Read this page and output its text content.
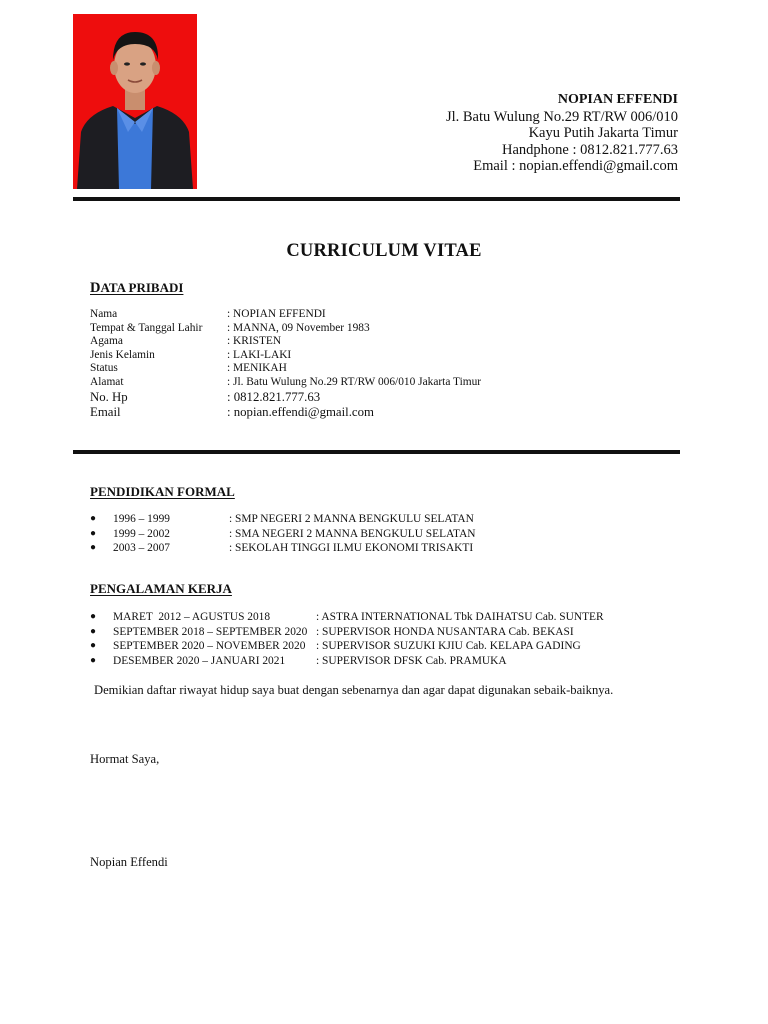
NOPIAN EFFENDI
Jl. Batu Wulung No.29 RT/RW 006/010
Kayu Putih Jakarta Timur
Handphone : 0812.821.777.63
Email : nopian.effendi@gmail.com
CURRICULUM VITAE
DATA PRIBADI
Nama	: NOPIAN EFFENDI
Tempat & Tanggal Lahir	: MANNA, 09 November 1983
Agama	: KRISTEN
Jenis Kelamin	: LAKI-LAKI
Status	: MENIKAH
Alamat	: Jl. Batu Wulung No.29 RT/RW 006/010 Jakarta Timur
No. Hp	: 0812.821.777.63
Email	: nopian.effendi@gmail.com
PENDIDIKAN FORMAL
●	1996 – 1999	: SMP NEGERI 2 MANNA BENGKULU SELATAN
●	1999 – 2002	: SMA NEGERI 2 MANNA BENGKULU SELATAN
●	2003 – 2007	: SEKOLAH TINGGI ILMU EKONOMI TRISAKTI
PENGALAMAN KERJA
●	MARET  2012 – AGUSTUS 2018	: ASTRA INTERNATIONAL Tbk DAIHATSU Cab. SUNTER
●	SEPTEMBER 2018 – SEPTEMBER 2020 : SUPERVISOR HONDA NUSANTARA Cab. BEKASI
●	SEPTEMBER 2020 – NOVEMBER 2020 : SUPERVISOR SUZUKI KJIU Cab. KELAPA GADING
●	DESEMBER 2020 – JANUARI 2021	: SUPERVISOR DFSK Cab. PRAMUKA
Demikian daftar riwayat hidup saya buat dengan sebenarnya dan agar dapat digunakan sebaik-baiknya.
Hormat Saya,
Nopian Effendi
